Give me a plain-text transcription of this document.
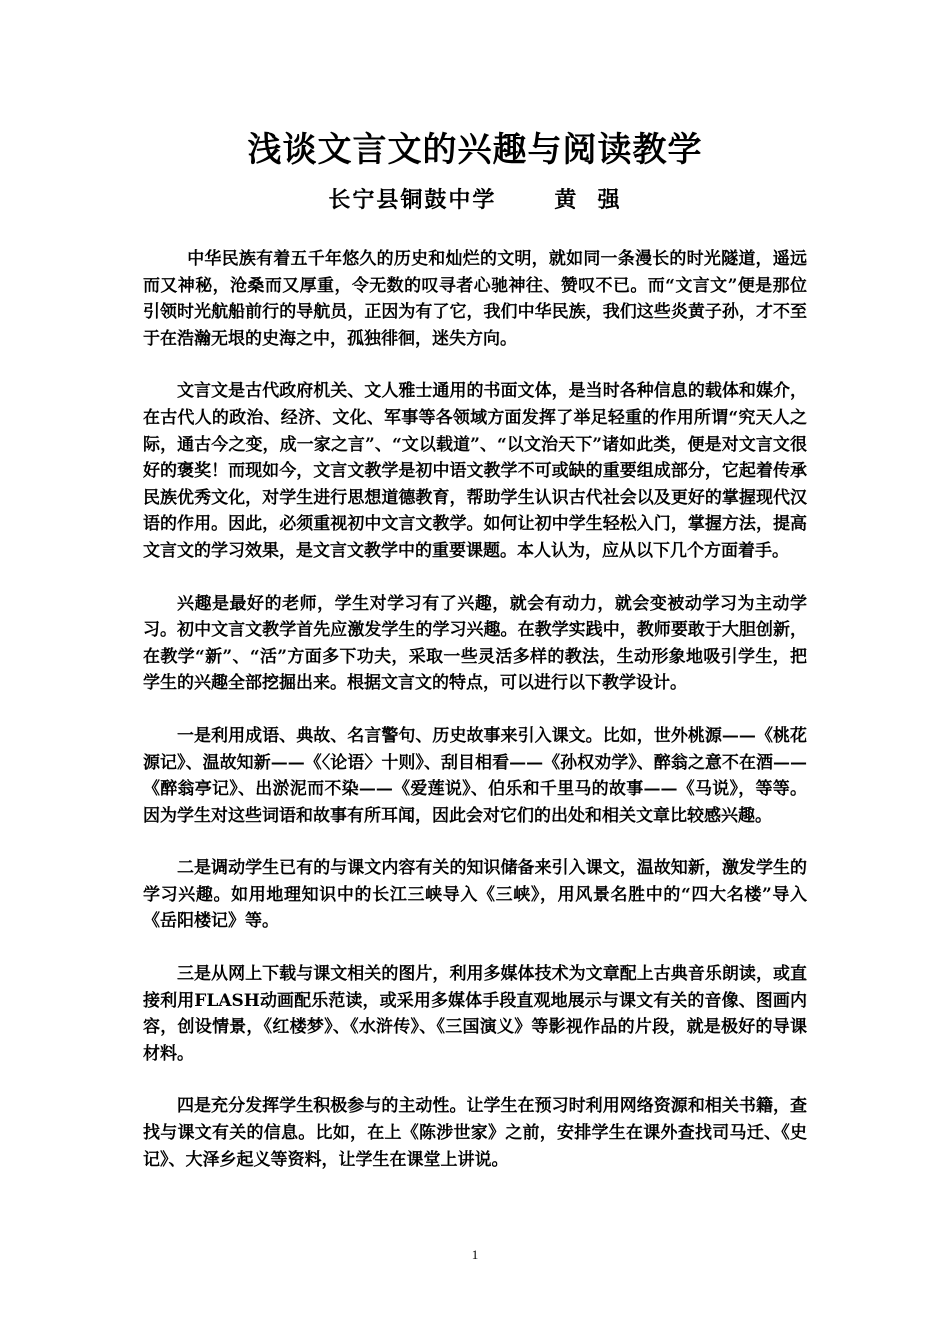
浅谈文言文的兴趣与阅读教学
长宁县铜鼓中学      黄  强

中华民族有着五千年悠久的历史和灿烂的文明，就如同一条漫长的时光隧道，遥远而又神秘，沧桑而又厚重，令无数的叹寻者心驰神往、赞叹不已。而“文言文”便是那位引领时光航船前行的导航员，正因为有了它，我们中华民族，我们这些炎黄子孙，才不至于在浩瀚无垠的史海之中，孤独徘徊，迷失方向。

文言文是古代政府机关、文人雅士通用的书面文体，是当时各种信息的载体和媒介，在古代人的政治、经济、文化、军事等各领域方面发挥了举足轻重的作用所谓“究天人之际，通古今之变，成一家之言”、“文以载道”、“以文治天下”诸如此类，便是对文言文很好的褒奖！而现如今，文言文教学是初中语文教学不可或缺的重要组成部分，它起着传承民族优秀文化，对学生进行思想道德教育，帮助学生认识古代社会以及更好的掌握现代汉语的作用。因此，必须重视初中文言文教学。如何让初中学生轻松入门，掌握方法，提高文言文的学习效果，是文言文教学中的重要课题。本人认为，应从以下几个方面着手。

兴趣是最好的老师，学生对学习有了兴趣，就会有动力，就会变被动学习为主动学习。初中文言文教学首先应激发学生的学习兴趣。在教学实践中，教师要敢于大胆创新，在教学“新”、“活”方面多下功夫，采取一些灵活多样的教法，生动形象地吸引学生，把学生的兴趣全部挖掘出来。根据文言文的特点，可以进行以下教学设计。

一是利用成语、典故、名言警句、历史故事来引入课文。比如，世外桃源——《桃花源记》、温故知新——《〈论语〉十则》、刮目相看——《孙权劝学》、醉翁之意不在酒——《醉翁亭记》、出淤泥而不染——《爱莲说》、伯乐和千里马的故事——《马说》，等等。因为学生对这些词语和故事有所耳闻，因此会对它们的出处和相关文章比较感兴趣。

二是调动学生已有的与课文内容有关的知识储备来引入课文，温故知新，激发学生的学习兴趣。如用地理知识中的长江三峡导入《三峡》，用风景名胜中的“四大名楼”导入《岳阳楼记》等。

三是从网上下载与课文相关的图片，利用多媒体技术为文章配上古典音乐朗读，或直接利用FLASH动画配乐范读，或采用多媒体手段直观地展示与课文有关的音像、图画内容，创设情景，《红楼梦》、《水浒传》、《三国演义》等影视作品的片段，就是极好的导课材料。

四是充分发挥学生积极参与的主动性。让学生在预习时利用网络资源和相关书籍，查找与课文有关的信息。比如，在上《陈涉世家》之前，安排学生在课外查找司马迁、《史记》、大泽乡起义等资料，让学生在课堂上讲说。

1
